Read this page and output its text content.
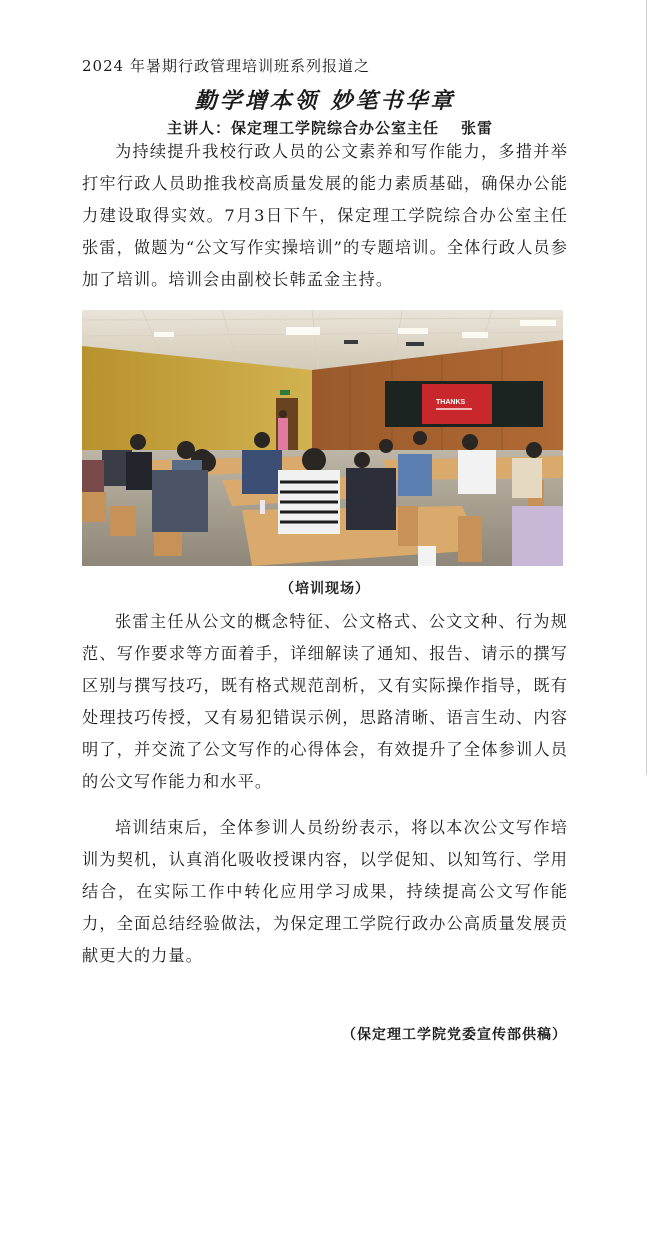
2024 年暑期行政管理培训班系列报道之
勤学增本领 妙笔书华章
主讲人：保定理工学院综合办公室主任 张雷

为持续提升我校行政人员的公文素养和写作能力，多措并举打牢行政人员助推我校高质量发展的能力素质基础，确保办公能力建设取得实效。7月3日下午，保定理工学院综合办公室主任张雷，做题为“公文写作实操培训”的专题培训。全体行政人员参加了培训。培训会由副校长韩孟金主持。

THANKS
（培训现场）

张雷主任从公文的概念特征、公文格式、公文文种、行为规范、写作要求等方面着手，详细解读了通知、报告、请示的撰写区别与撰写技巧，既有格式规范剖析，又有实际操作指导，既有处理技巧传授，又有易犯错误示例，思路清晰、语言生动、内容明了，并交流了公文写作的心得体会，有效提升了全体参训人员的公文写作能力和水平。

培训结束后，全体参训人员纷纷表示，将以本次公文写作培训为契机，认真消化吸收授课内容，以学促知、以知笃行、学用结合，在实际工作中转化应用学习成果，持续提高公文写作能力，全面总结经验做法，为保定理工学院行政办公高质量发展贡献更大的力量。

（保定理工学院党委宣传部供稿）
